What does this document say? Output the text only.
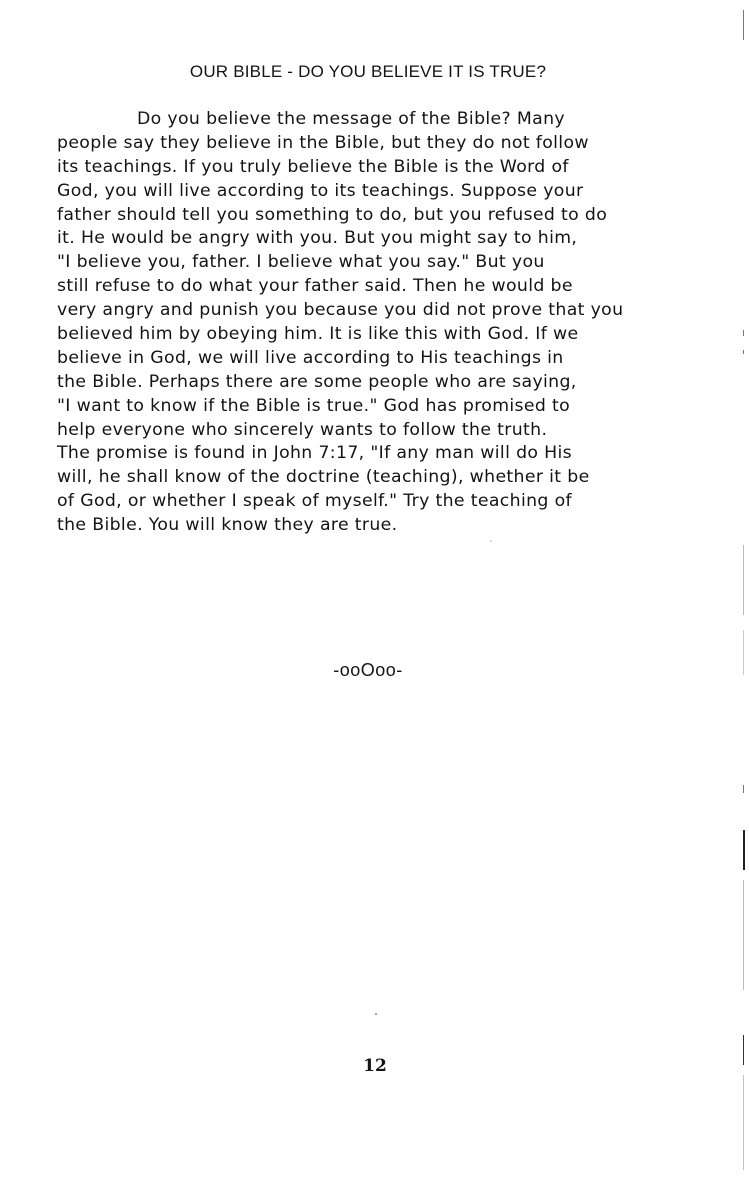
OUR BIBLE - DO YOU BELIEVE IT IS TRUE?
Do you believe the message of the Bible? Many
people say they believe in the Bible, but they do not follow
its teachings. If you truly believe the Bible is the Word of
God, you will live according to its teachings. Suppose your
father should tell you something to do, but you refused to do
it. He would be angry with you. But you might say to him,
"I believe you, father. I believe what you say." But you
still refuse to do what your father said. Then he would be
very angry and punish you because you did not prove that you
believed him by obeying him. It is like this with God. If we
believe in God, we will live according to His teachings in
the Bible. Perhaps there are some people who are saying,
"I want to know if the Bible is true." God has promised to
help everyone who sincerely wants to follow the truth.
The promise is found in John 7:17, "If any man will do His
will, he shall know of the doctrine (teaching), whether it be
of God, or whether I speak of myself." Try the teaching of
the Bible. You will know they are true.
-ooOoo-
12
